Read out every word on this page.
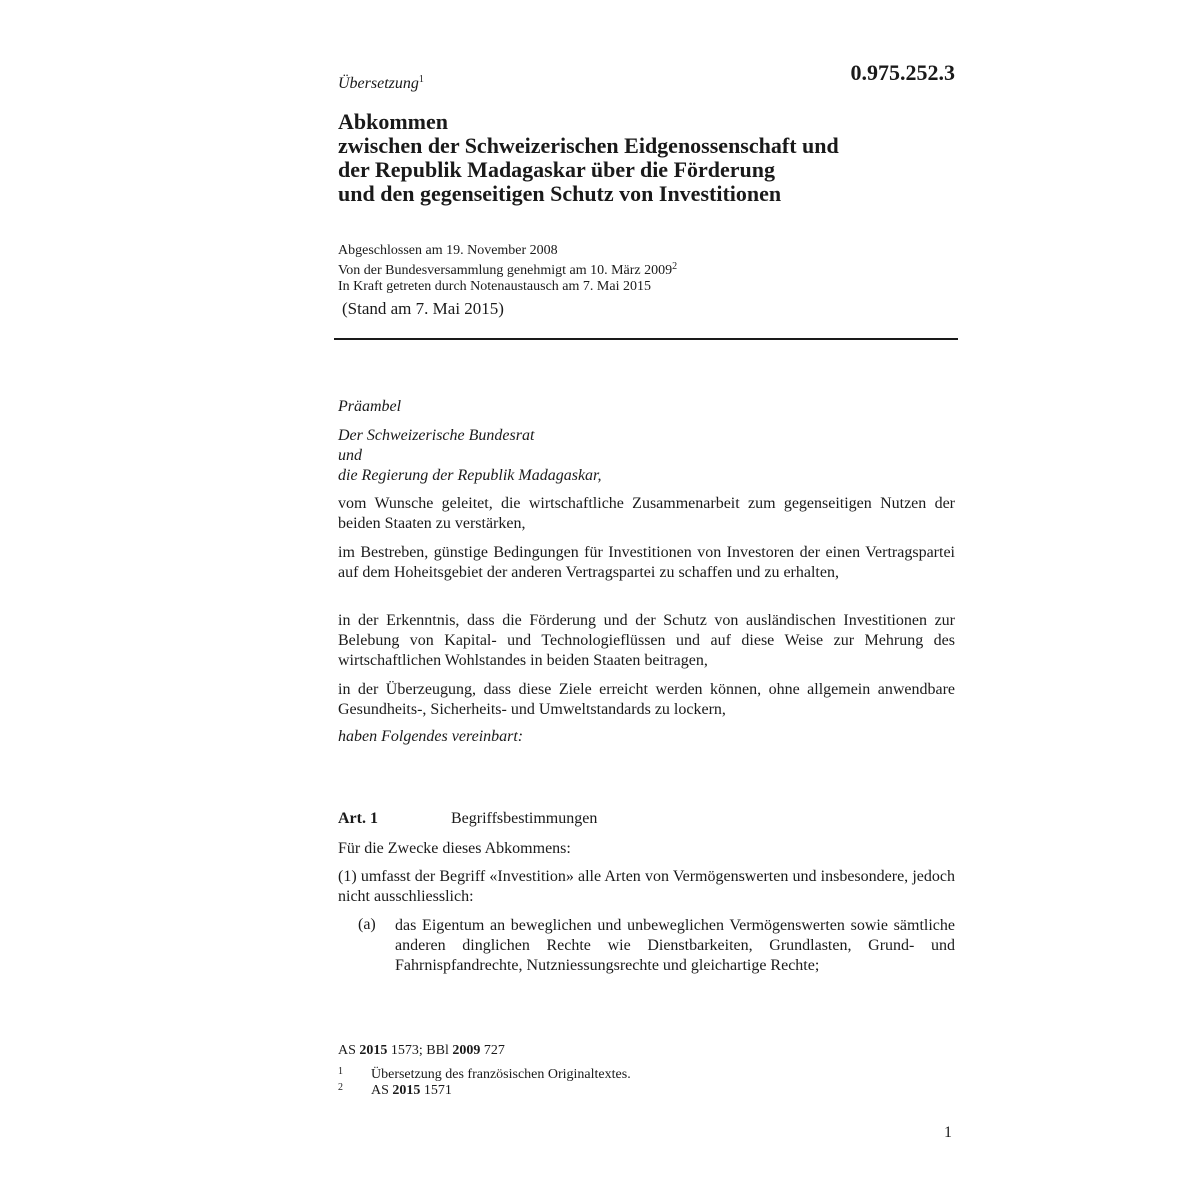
Übersetzung$^1$	0.975.252.3
Abkommen
zwischen der Schweizerischen Eidgenossenschaft und
der Republik Madagaskar über die Förderung
und den gegenseitigen Schutz von Investitionen
Abgeschlossen am 19. November 2008
Von der Bundesversammlung genehmigt am 10. März 2009$^2$
In Kraft getreten durch Notenaustausch am 7. Mai 2015
(Stand am 7. Mai 2015)
Präambel
Der Schweizerische Bundesrat
und
die Regierung der Republik Madagaskar,
vom Wunsche geleitet, die wirtschaftliche Zusammenarbeit zum gegenseitigen Nutzen der beiden Staaten zu verstärken,
im Bestreben, günstige Bedingungen für Investitionen von Investoren der einen Vertragspartei auf dem Hoheitsgebiet der anderen Vertragspartei zu schaffen und zu erhalten,
in der Erkenntnis, dass die Förderung und der Schutz von ausländischen Investitionen zur Belebung von Kapital- und Technologieflüssen und auf diese Weise zur Mehrung des wirtschaftlichen Wohlstandes in beiden Staaten beitragen,
in der Überzeugung, dass diese Ziele erreicht werden können, ohne allgemein anwendbare Gesundheits-, Sicherheits- und Umweltstandards zu lockern,
haben Folgendes vereinbart:
Art. 1	Begriffsbestimmungen
Für die Zwecke dieses Abkommens:
(1) umfasst der Begriff «Investition» alle Arten von Vermögenswerten und insbesondere, jedoch nicht ausschliesslich:
(a) das Eigentum an beweglichen und unbeweglichen Vermögenswerten sowie sämtliche anderen dinglichen Rechte wie Dienstbarkeiten, Grundlasten, Grund- und Fahrnispfandrechte, Nutzniessungsrechte und gleichartige Rechte;
AS 2015 1573; BBl 2009 727
1 Übersetzung des französischen Originaltextes.
2 AS 2015 1571
1
